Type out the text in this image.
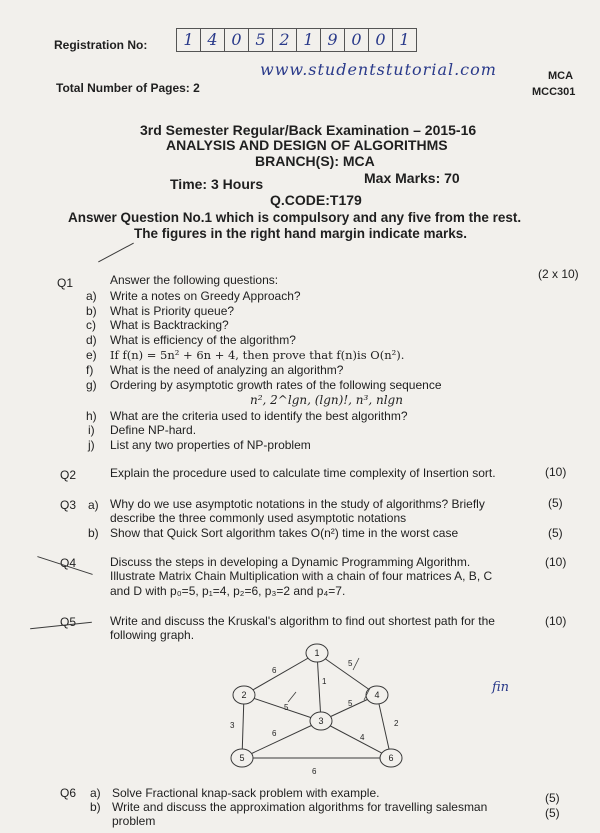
Registration No:	1 4 0 5 2 1 9 0 0 1
Total Number of Pages: 2
www.studentstutorial.com	MCA
MCC301
3rd Semester Regular/Back Examination – 2015-16
ANALYSIS AND DESIGN OF ALGORITHMS
BRANCH(S): MCA
Time: 3 Hours	Max Marks: 70
Q.CODE:T179
Answer Question No.1 which is compulsory and any five from the rest.
The figures in the right hand margin indicate marks.
Q1	Answer the following questions:	(2 x 10)
a) Write a notes on Greedy Approach?
b) What is Priority queue?
c) What is Backtracking?
d) What is efficiency of the algorithm?
e) If f(n) = 5n² + 6n + 4, then prove that f(n)is O(n²).
f) What is the need of analyzing an algorithm?
g) Ordering by asymptotic growth rates of the following sequence
n², 2^lgn, (lgn)!, n³, nlgn
h) What are the criteria used to identify the best algorithm?
i) Define NP-hard.
j) List any two properties of NP-problem
Q2	Explain the procedure used to calculate time complexity of Insertion sort.	(10)
Q3 a) Why do we use asymptotic notations in the study of algorithms? Briefly
describe the three commonly used asymptotic notations
(5)
b) Show that Quick Sort algorithm takes O(n²) time in the worst case	(5)
Q4	Discuss the steps in developing a Dynamic Programming Algorithm.
Illustrate Matrix Chain Multiplication with a chain of four matrices A, B, C
and D with p₀=5, p₁=4, p₂=6, p₃=2 and p₄=7.
(10)
Q5	Write and discuss the Kruskal's algorithm to find out shortest path for the
following graph.
(10)
fin
1
2
3
4
5	6
6
1
5
5
3
5
6	4
2
6
Q6 a) Solve Fractional knap-sack problem with example.	(5)
b) Write and discuss the approximation algorithms for travelling salesman
problem
(5)
